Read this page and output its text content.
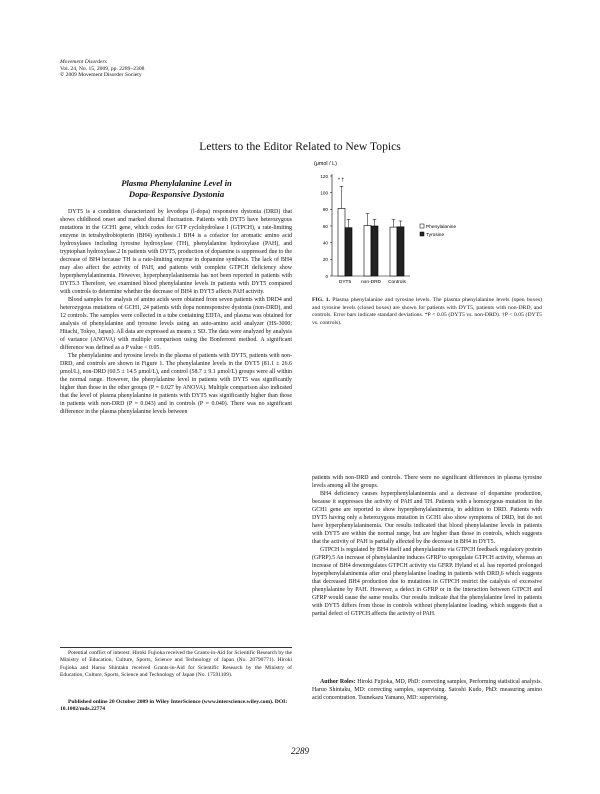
Movement Disorders
Vol. 24, No. 15, 2009, pp. 2289–2308
© 2009 Movement Disorder Society
Letters to the Editor Related to New Topics
Plasma Phenylalanine Level in
Dopa-Responsive Dystonia

DYT5 is a condition characterized by levodopa (l-dopa) responsive dystonia (DRD) that shows childhood onset and marked diurnal fluctuation. Patients with DYT5 have heterozygous mutations in the GCH1 gene, which codes for GTP cyclohydrolase I (GTPCH), a rate-limiting enzyme in tetrahydrobiopterin (BH4) synthesis.1 BH4 is a cofactor for aromatic amino acid hydroxylases including tyrosine hydroxylase (TH), phenylalanine hydroxylase (PAH), and tryptophan hydroxylase.2 In patients with DYT5, production of dopamine is suppressed due to the decrease of BH4 because TH is a rate-limiting enzyme in dopamine synthesis. The lack of BH4 may also affect the activity of PAH, and patients with complete GTPCH deficiency show hyperphenylalaninemia. However, hyperphenylalaninemia has not been reported in patients with DYT5.3 Therefore, we examined blood phenylalanine levels in patients with DYT5 compared with controls to determine whether the decrease of BH4 in DYT5 affects PAH activity.

Blood samples for analysis of amino acids were obtained from seven patients with DRD4 and heterozygous mutations of GCH1, 24 patients with dopa nonresponsive dystonia (non-DRD), and 12 controls. The samples were collected in a tube containing EDTA, and plasma was obtained for analysis of phenylalanine and tyrosine levels using an auto-amino acid analyzer (HS-3000; Hitachi, Tokyo, Japan). All data are expressed as means ± SD. The data were analyzed by analysis of variance (ANOVA) with multiple comparison using the Bonferroni method. A significant difference was defined as a P value < 0.05.

The phenylalanine and tyrosine levels in the plasma of patients with DYT5, patients with non-DRD, and controls are shown in Figure 1. The phenylalanine levels in the DYT5 (81.1 ± 26.6 μmol/L), non-DRD (60.5 ± 14.5 μmol/L), and control (58.7 ± 9.1 μmol/L) groups were all within the normal range. However, the phenylalanine level in patients with DYT5 was significantly higher than those in the other groups (P = 0.027 by ANOVA). Multiple comparison also indicated that the level of plasma phenylalanine in patients with DYT5 was significantly higher than those in patients with non-DRD (P = 0.043) and in controls (P = 0.040). There was no significant difference in the plasma phenylalanine levels between

Potential conflict of interest: Hiroki Fujioka received the Grants-in-Aid for Scientific Research by the Ministry of Education, Culture, Sports, Science and Technology of Japan (No. 20790771). Hiroki Fujioka and Haruo Shintaku received Grants-in-Aid for Scientific Research by the Ministry of Education, Culture, Sports, Science and Technology of Japan (No. 17591109).
Published online 20 October 2009 in Wiley InterScience (www.interscience.wiley.com). DOI: 10.1002/mds.22774
(μmol / L)
0
20
40
60
80
100
120
* †
DYT5 non-DRD Controls
Phenylalanine
Tyrosine
FIG. 1. Plasma phenylalanine and tyrosine levels. The plasma phenylalanine levels (open boxes) and tyrosine levels (closed boxes) are shown for patients with DYT5, patients with non-DRD, and controls. Error bars indicate standard deviations. *P < 0.05 (DYT5 vs. non-DRD). †P < 0.05 (DYT5 vs. controls).

patients with non-DRD and controls. There were no significant differences in plasma tyrosine levels among all the groups.

BH4 deficiency causes hyperphenylalaninemia and a decrease of dopamine production, because it suppresses the activity of PAH and TH. Patients with a homozygous mutation in the GCH1 gene are reported to show hyperphenylalaninemia, in addition to DRD. Patients with DYT5 having only a heterozygous mutation in GCH1 also show symptoms of DRD, but do not have hyperphenylalaninemia. Our results indicated that blood phenylalanine levels in patients with DYT5 are within the normal range, but are higher than those in controls, which suggests that the activity of PAH is partially affected by the decrease in BH4 in DYT5.

GTPCH is regulated by BH4 itself and phenylalanine via GTPCH feedback regulatory protein (GFRP).5 An increase of phenylalanine induces GFRP to upregulate GTPCH activity, whereas an increase of BH4 downregulates GTPCH activity via GFRP. Hyland et al. has reported prolonged hyperphenylalaninemia after oral phenylalanine loading in patients with DRD,6 which suggests that decreased BH4 production due to mutations in GTPCH restrict the catalysis of excessive phenylalanine by PAH. However, a defect in GFRP or in the interaction between GTPCH and GFRP would cause the same results. Our results indicate that the phenylalanine level in patients with DYT5 differs from those in controls without phenylalanine loading, which suggests that a partial defect of GTPCH affects the activity of PAH.

Author Roles: Hiroki Fujioka, MD, PhD: correcting samples, Performing statistical analysis. Haruo Shintaku, MD: correcting samples, supervising. Satoshi Kudo, PhD: measuring amino acid concentration. Tsunekazu Yamano, MD: supervising.
2289
